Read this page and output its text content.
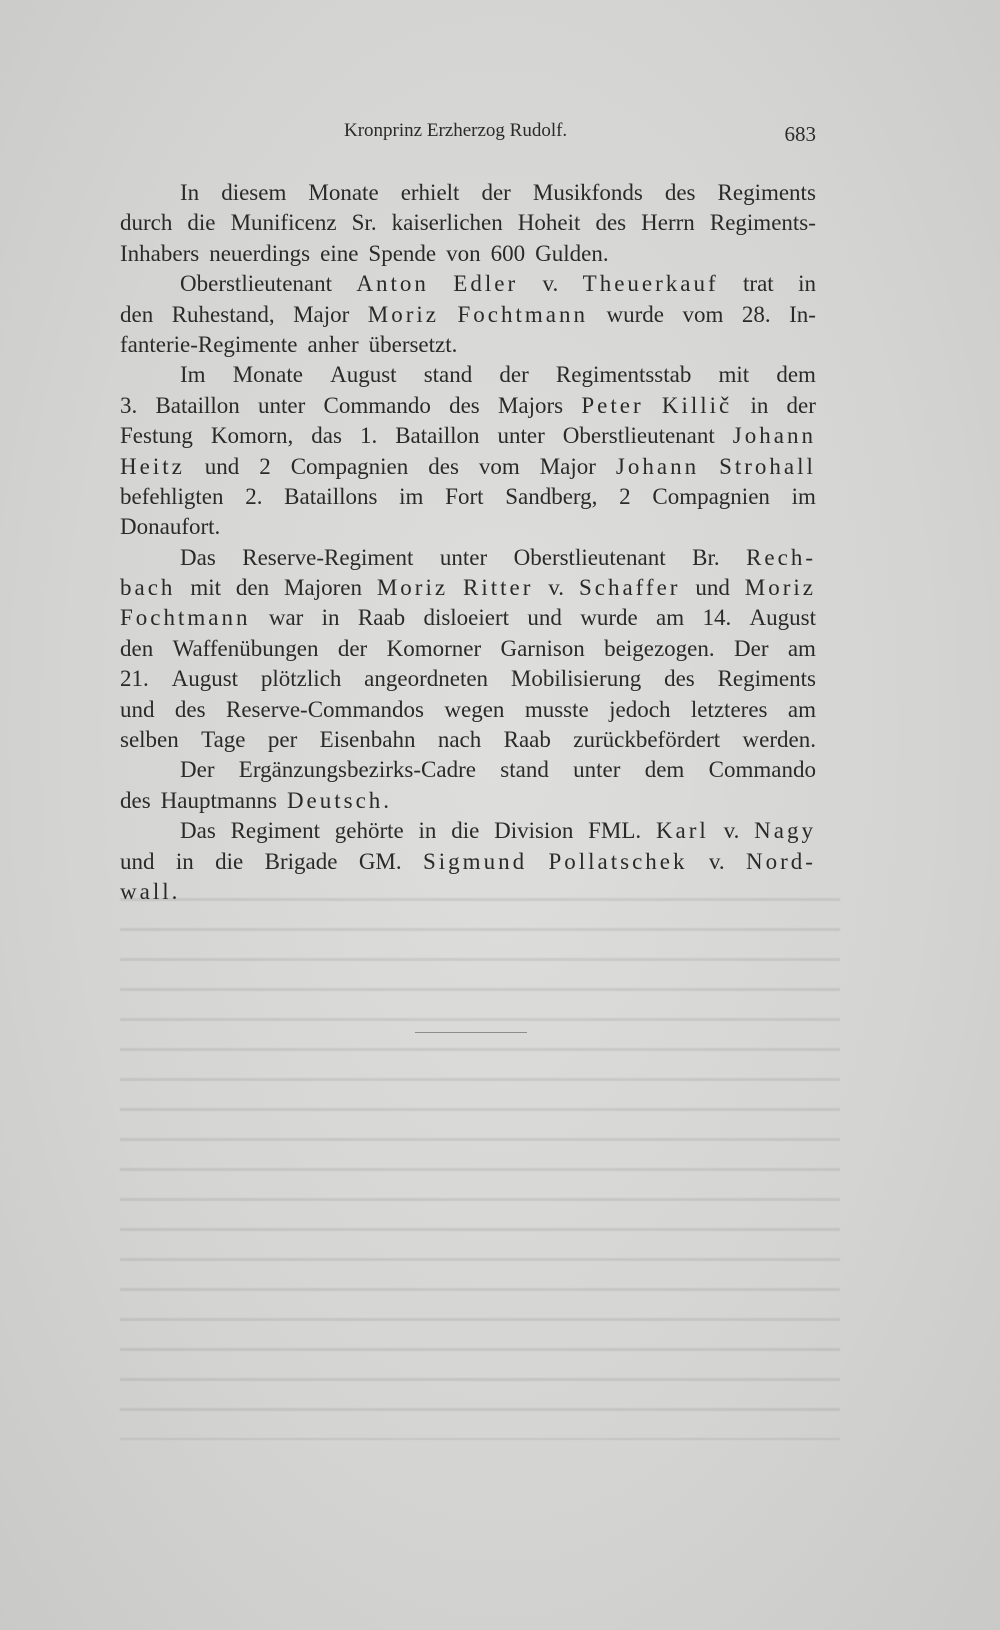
Kronprinz Erzherzog Rudolf.	683
In diesem Monate erhielt der Musikfonds des Regiments
durch die Munificenz Sr. kaiserlichen Hoheit des Herrn Regiments-
Inhabers neuerdings eine Spende von 600 Gulden.
Oberstlieutenant Anton Edler v. Theuerkauf trat in
den Ruhestand, Major Moriz Fochtmann wurde vom 28. In-
fanterie-Regimente anher übersetzt.
Im Monate August stand der Regimentsstab mit dem
3. Bataillon unter Commando des Majors Peter Killič in der
Festung Komorn, das 1. Bataillon unter Oberstlieutenant Johann
Heitz und 2 Compagnien des vom Major Johann Strohall
befehligten 2. Bataillons im Fort Sandberg, 2 Compagnien im
Donaufort.
Das Reserve-Regiment unter Oberstlieutenant Br. Rech-
bach mit den Majoren Moriz Ritter v. Schaffer und Moriz
Fochtmann war in Raab disloeiert und wurde am 14. August
den Waffenübungen der Komorner Garnison beigezogen. Der am
21. August plötzlich angeordneten Mobilisierung des Regiments
und des Reserve-Commandos wegen musste jedoch letzteres am
selben Tage per Eisenbahn nach Raab zurückbefördert werden.
Der Ergänzungsbezirks-Cadre stand unter dem Commando
des Hauptmanns Deutsch.
Das Regiment gehörte in die Division FML. Karl v. Nagy
und in die Brigade GM. Sigmund Pollatschek v. Nord-
wall.
